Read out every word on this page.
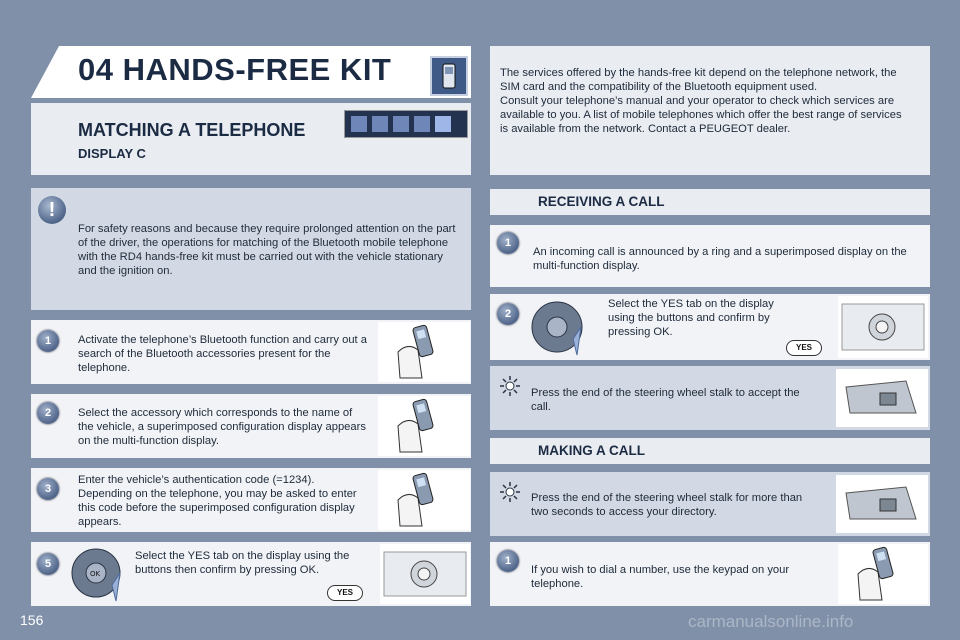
04 HANDS-FREE KIT
MATCHING A TELEPHONE
DISPLAY C
The services offered by the hands-free kit depend on the telephone network, the SIM card and the compatibility of the Bluetooth equipment used.
Consult your telephone’s manual and your operator to check which services are available to you. A list of mobile telephones which offer the best range of services is available from the network. Contact a PEUGEOT dealer.
!
For safety reasons and because they require prolonged attention on the part of the driver, the operations for matching of the Bluetooth mobile telephone with the RD4 hands-free kit must be carried out with the vehicle stationary and the ignition on.
1	Activate the telephone’s Bluetooth function and carry out a search of the Bluetooth accessories present for the telephone.
2	Select the accessory which corresponds to the name of the vehicle, a superimposed configuration display appears on the multi-function display.
3
Enter the vehicle’s authentication code (=1234). Depending on the telephone, you may be asked to enter this code before the superimposed configuration display appears.
5
OK
Select the YES tab on the display using the buttons then confirm by pressing OK.
YES
RECEIVING A CALL
1
An incoming call is announced by a ring and a superimposed display on the multi-function display.
2
Select the YES tab on the display using the buttons and confirm by pressing OK.
YES
Press the end of the steering wheel stalk to accept the call.
MAKING A CALL
Press the end of the steering wheel stalk for more than two seconds to access your directory.
1
If you wish to dial a number, use the keypad on your telephone.
156	carmanualsonline.info
